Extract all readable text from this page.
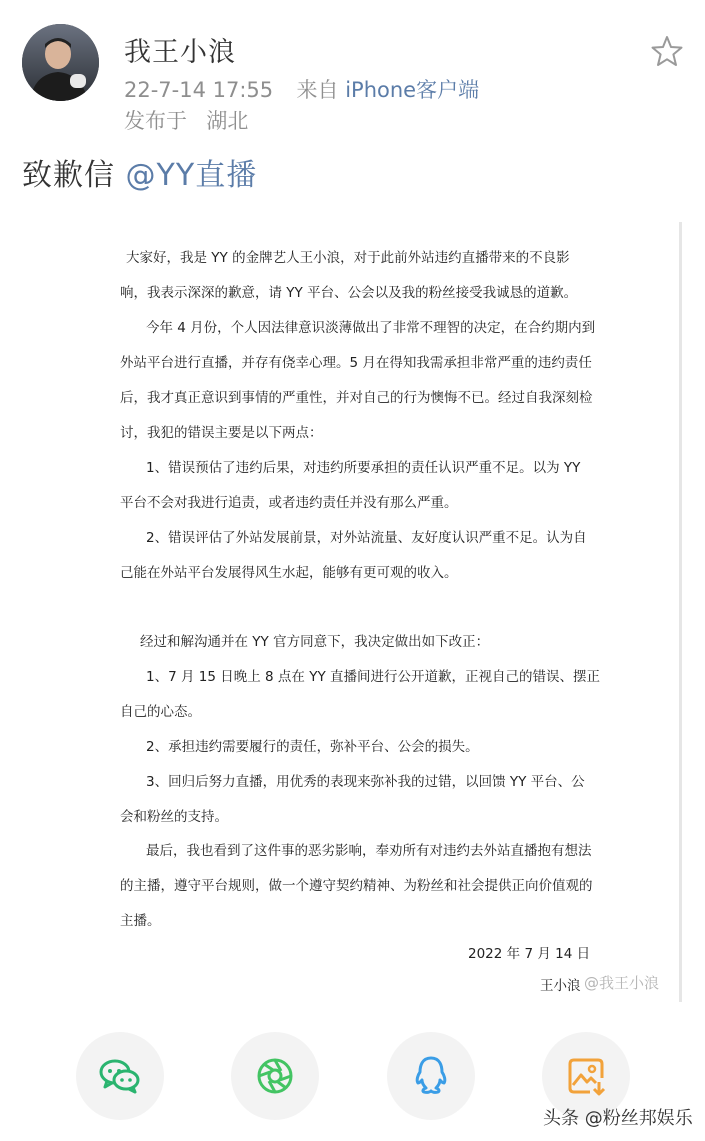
我王小浪
22-7-14 17:55 来自 iPhone客户端
发布于 湖北
致歉信 @YY直播
大家好，我是 YY 的金牌艺人王小浪，对于此前外站违约直播带来的不良影
响，我表示深深的歉意，请 YY 平台、公会以及我的粉丝接受我诚恳的道歉。
今年 4 月份，个人因法律意识淡薄做出了非常不理智的决定，在合约期内到
外站平台进行直播，并存有侥幸心理。5 月在得知我需承担非常严重的违约责任
后，我才真正意识到事情的严重性，并对自己的行为懊悔不已。经过自我深刻检
讨，我犯的错误主要是以下两点：
1、错误预估了违约后果，对违约所要承担的责任认识严重不足。以为 YY
平台不会对我进行追责，或者违约责任并没有那么严重。
2、错误评估了外站发展前景，对外站流量、友好度认识严重不足。认为自
己能在外站平台发展得风生水起，能够有更可观的收入。
经过和解沟通并在 YY 官方同意下，我决定做出如下改正：
1、7 月 15 日晚上 8 点在 YY 直播间进行公开道歉，正视自己的错误、摆正
自己的心态。
2、承担违约需要履行的责任，弥补平台、公会的损失。
3、回归后努力直播，用优秀的表现来弥补我的过错，以回馈 YY 平台、公
会和粉丝的支持。
最后，我也看到了这件事的恶劣影响，奉劝所有对违约去外站直播抱有想法
的主播，遵守平台规则，做一个遵守契约精神、为粉丝和社会提供正向价值观的
主播。
2022 年 7 月 14 日
王小浪 @我王小浪
头条 @粉丝邦娱乐
